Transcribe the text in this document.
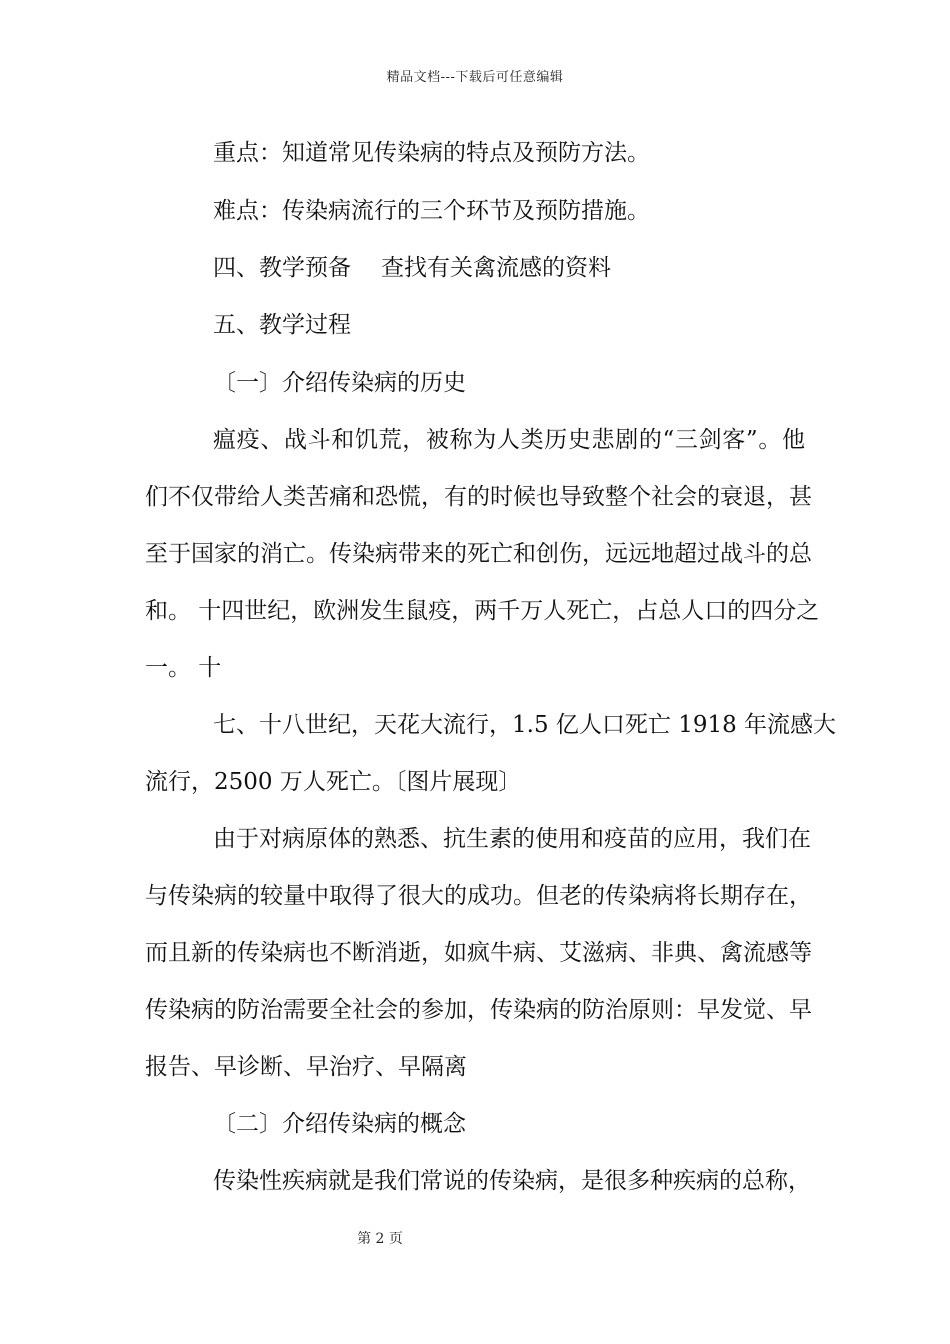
精品文档---下载后可任意编辑
重点：知道常见传染病的特点及预防方法。
难点：传染病流行的三个环节及预防措施。
四、教学预备 查找有关禽流感的资料
五、教学过程
〔一〕介绍传染病的历史
瘟疫、战斗和饥荒，被称为人类历史悲剧的“三剑客”。他
们不仅带给人类苦痛和恐慌，有的时候也导致整个社会的衰退，甚
至于国家的消亡。传染病带来的死亡和创伤，远远地超过战斗的总
和。 十四世纪，欧洲发生鼠疫，两千万人死亡，占总人口的四分之
一。 十
七、十八世纪，天花大流行，1.5 亿人口死亡 1918 年流感大
流行，2500 万人死亡。〔图片展现〕
由于对病原体的熟悉、抗生素的使用和疫苗的应用，我们在
与传染病的较量中取得了很大的成功。但老的传染病将长期存在，
而且新的传染病也不断消逝，如疯牛病、艾滋病、非典、禽流感等
传染病的防治需要全社会的参加，传染病的防治原则：早发觉、早
报告、早诊断、早治疗、早隔离
〔二〕介绍传染病的概念
传染性疾病就是我们常说的传染病，是很多种疾病的总称，
第 2 页
